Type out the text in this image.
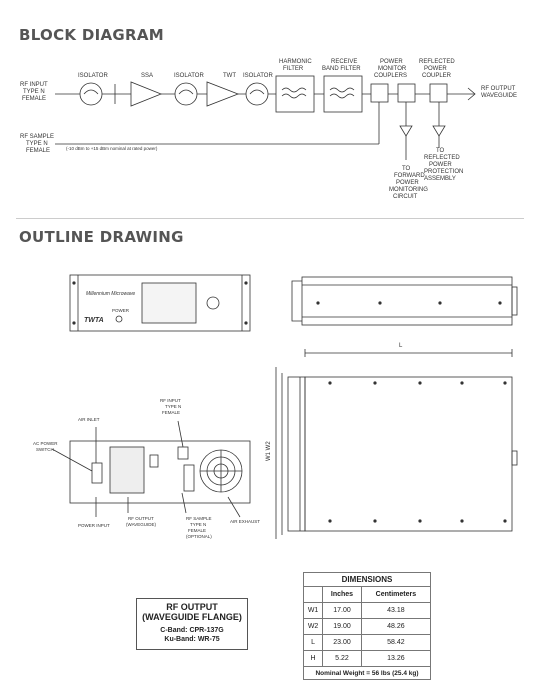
BLOCK DIAGRAM
RF INPUT TYPE N FEMALE
ISOLATOR	SSA	ISOLATOR	TWT ISOLATOR
HARMONIC FILTER
RECEIVE BAND FILTER
POWER MONITOR COUPLERS
REFLECTED POWER COUPLER
RF OUTPUT WAVEGUIDE
RF SAMPLE TYPE N FEMALE	(-10 dBm to +15 dBm nominal at rated power)
TO FORWARD POWER MONITORING CIRCUIT
TO REFLECTED POWER PROTECTION ASSEMBLY
OUTLINE DRAWING
Millennium Microwave
TWTA
POWER
L
W1 W2
AIR INLET
RF INPUT TYPE N FEMALE
AC POWER SWITCH
RF OUTPUT (WAVEGUIDE)
RF SAMPLE TYPE N FEMALE (OPTIONAL)
AIR EXHAUST
POWER INPUT
RF OUTPUT
(WAVEGUIDE FLANGE)
C-Band: CPR-137G
Ku-Band: WR-75
DIMENSIONS		
	Inches	Centimeters
W1	17.00	43.18
W2	19.00	48.26
L	23.00	58.42
H	5.22	13.26
Nominal Weight = 56 lbs (25.4 kg)		
